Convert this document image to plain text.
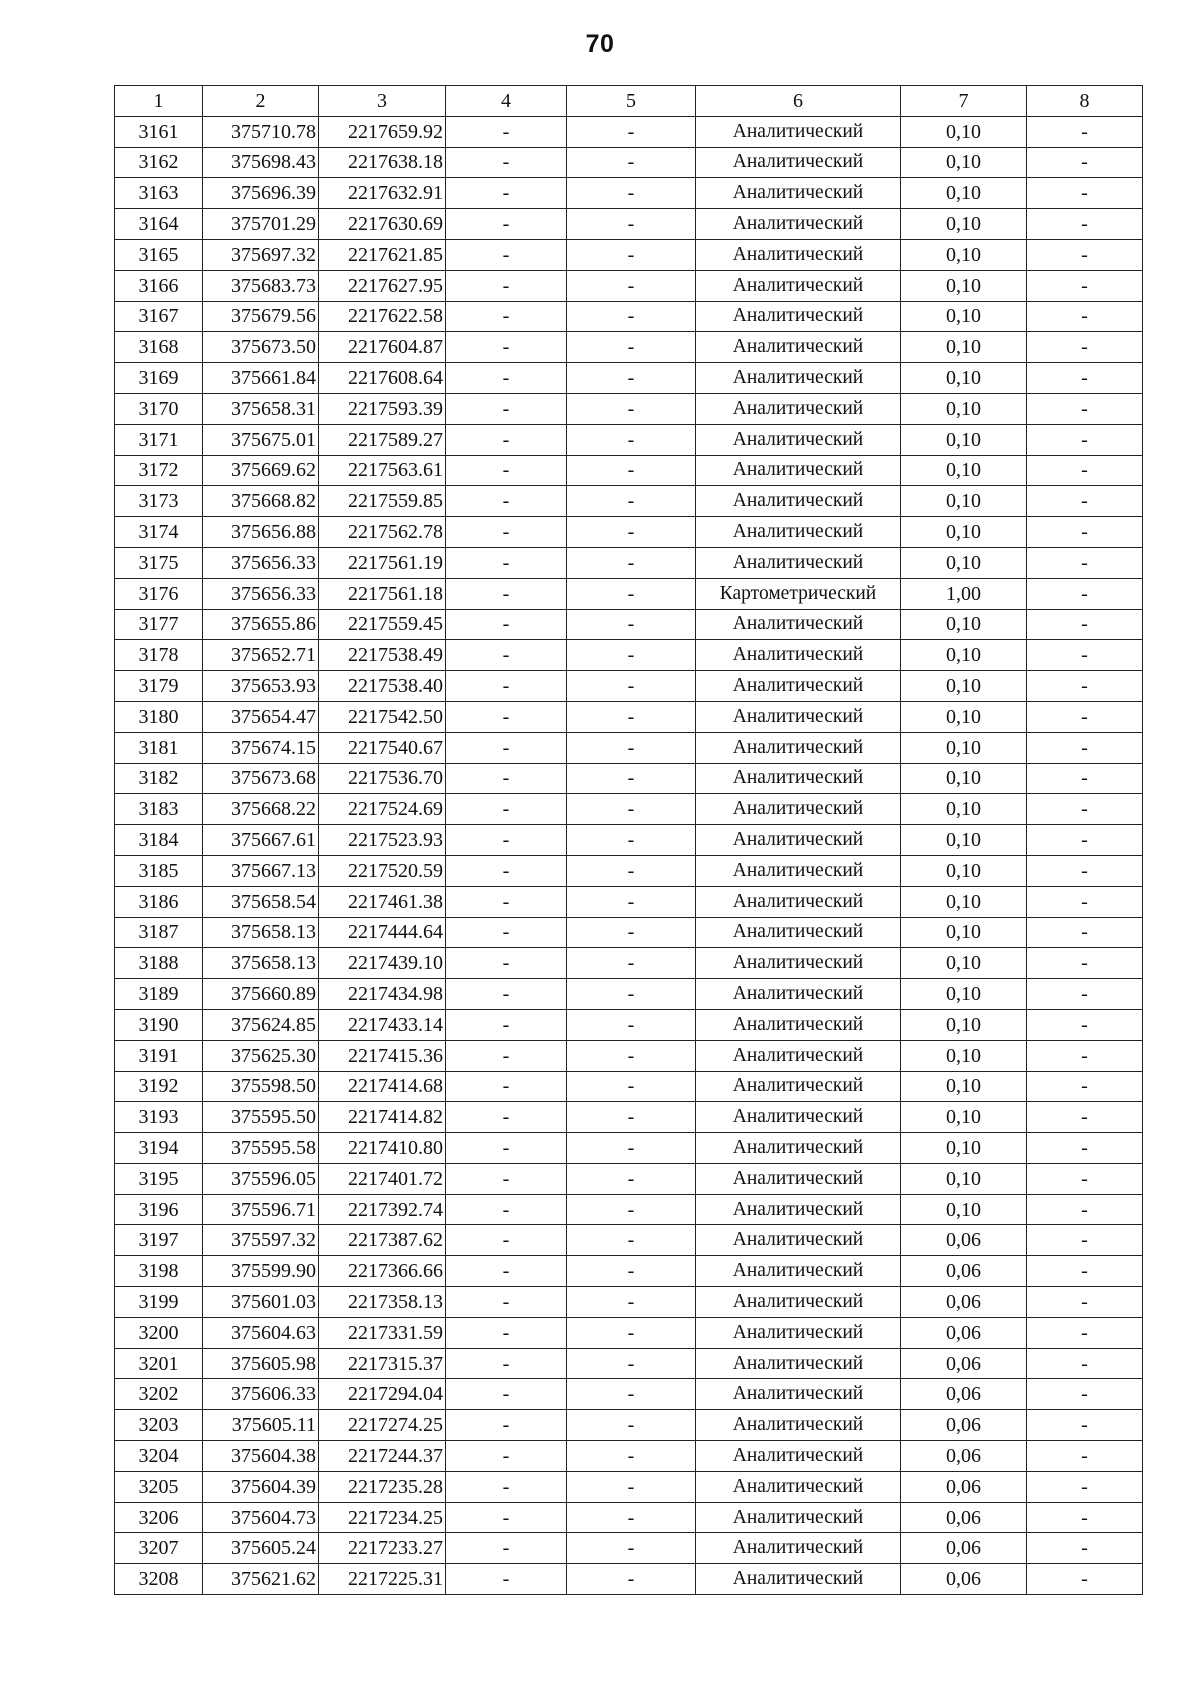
70
1	2	3	4	5	6	7	8
3161	375710.78	2217659.92	-	-	Аналитический	0,10	-
3162	375698.43	2217638.18	-	-	Аналитический	0,10	-
3163	375696.39	2217632.91	-	-	Аналитический	0,10	-
3164	375701.29	2217630.69	-	-	Аналитический	0,10	-
3165	375697.32	2217621.85	-	-	Аналитический	0,10	-
3166	375683.73	2217627.95	-	-	Аналитический	0,10	-
3167	375679.56	2217622.58	-	-	Аналитический	0,10	-
3168	375673.50	2217604.87	-	-	Аналитический	0,10	-
3169	375661.84	2217608.64	-	-	Аналитический	0,10	-
3170	375658.31	2217593.39	-	-	Аналитический	0,10	-
3171	375675.01	2217589.27	-	-	Аналитический	0,10	-
3172	375669.62	2217563.61	-	-	Аналитический	0,10	-
3173	375668.82	2217559.85	-	-	Аналитический	0,10	-
3174	375656.88	2217562.78	-	-	Аналитический	0,10	-
3175	375656.33	2217561.19	-	-	Аналитический	0,10	-
3176	375656.33	2217561.18	-	-	Картометрический	1,00	-
3177	375655.86	2217559.45	-	-	Аналитический	0,10	-
3178	375652.71	2217538.49	-	-	Аналитический	0,10	-
3179	375653.93	2217538.40	-	-	Аналитический	0,10	-
3180	375654.47	2217542.50	-	-	Аналитический	0,10	-
3181	375674.15	2217540.67	-	-	Аналитический	0,10	-
3182	375673.68	2217536.70	-	-	Аналитический	0,10	-
3183	375668.22	2217524.69	-	-	Аналитический	0,10	-
3184	375667.61	2217523.93	-	-	Аналитический	0,10	-
3185	375667.13	2217520.59	-	-	Аналитический	0,10	-
3186	375658.54	2217461.38	-	-	Аналитический	0,10	-
3187	375658.13	2217444.64	-	-	Аналитический	0,10	-
3188	375658.13	2217439.10	-	-	Аналитический	0,10	-
3189	375660.89	2217434.98	-	-	Аналитический	0,10	-
3190	375624.85	2217433.14	-	-	Аналитический	0,10	-
3191	375625.30	2217415.36	-	-	Аналитический	0,10	-
3192	375598.50	2217414.68	-	-	Аналитический	0,10	-
3193	375595.50	2217414.82	-	-	Аналитический	0,10	-
3194	375595.58	2217410.80	-	-	Аналитический	0,10	-
3195	375596.05	2217401.72	-	-	Аналитический	0,10	-
3196	375596.71	2217392.74	-	-	Аналитический	0,10	-
3197	375597.32	2217387.62	-	-	Аналитический	0,06	-
3198	375599.90	2217366.66	-	-	Аналитический	0,06	-
3199	375601.03	2217358.13	-	-	Аналитический	0,06	-
3200	375604.63	2217331.59	-	-	Аналитический	0,06	-
3201	375605.98	2217315.37	-	-	Аналитический	0,06	-
3202	375606.33	2217294.04	-	-	Аналитический	0,06	-
3203	375605.11	2217274.25	-	-	Аналитический	0,06	-
3204	375604.38	2217244.37	-	-	Аналитический	0,06	-
3205	375604.39	2217235.28	-	-	Аналитический	0,06	-
3206	375604.73	2217234.25	-	-	Аналитический	0,06	-
3207	375605.24	2217233.27	-	-	Аналитический	0,06	-
3208	375621.62	2217225.31	-	-	Аналитический	0,06	-
